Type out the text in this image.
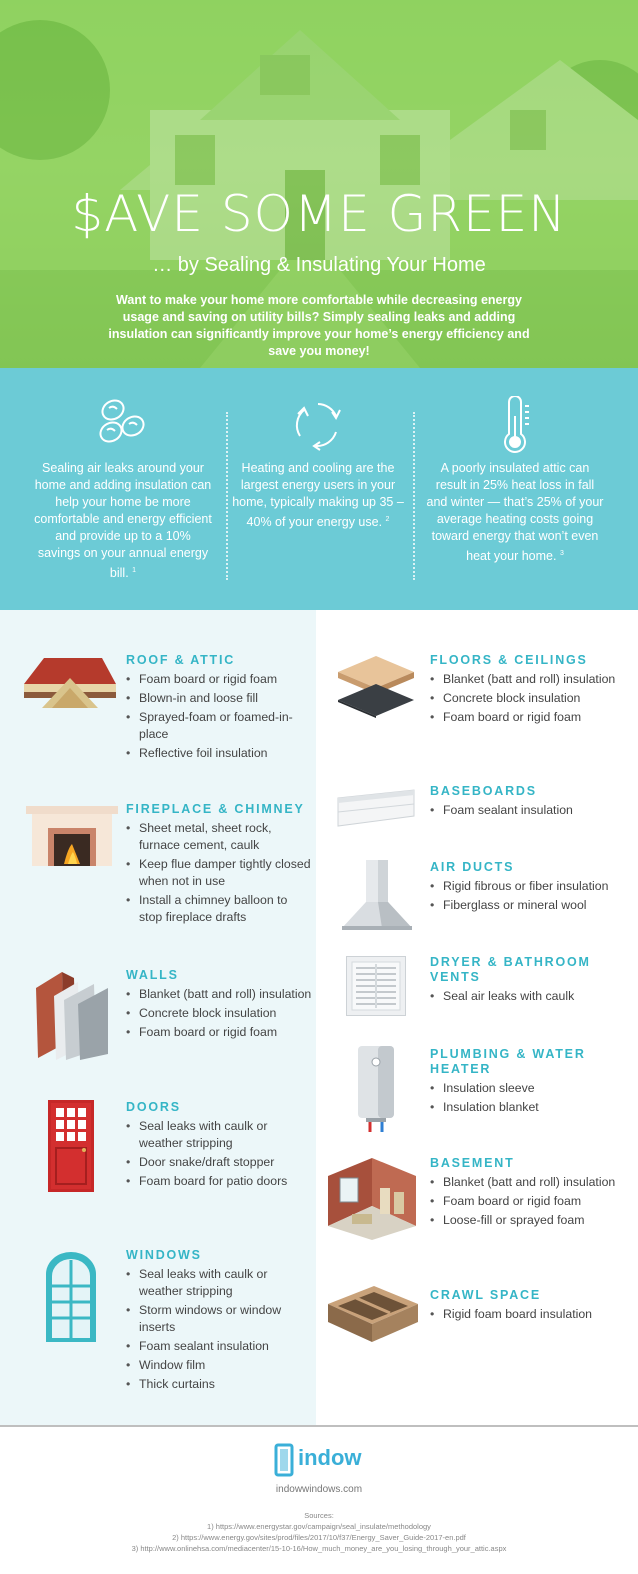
$AVE SOME GREEN
… by Sealing & Insulating Your Home
Want to make your home more comfortable while decreasing energy usage and saving on utility bills? Simply sealing leaks and adding insulation can significantly improve your home’s energy efficiency and save you money!
Sealing air leaks around your home and adding insulation can help your home be more comfortable and energy efficient and provide up to a 10% savings on your annual energy bill. $^1$
Heating and cooling are the largest energy users in your home, typically making up 35 – 40% of your energy use. $^2$
A poorly insulated attic can result in 25% heat loss in fall and winter — that’s 25% of your average heating costs going toward energy that won’t even heat your home. $^3$
ROOF & ATTIC
• Foam board or rigid foam
• Blown-in and loose fill
• Sprayed-foam or foamed-in-place
• Reflective foil insulation
FIREPLACE & CHIMNEY
• Sheet metal, sheet rock, furnace cement, caulk
• Keep flue damper tightly closed when not in use
• Install a chimney balloon to stop fireplace drafts
WALLS
• Blanket (batt and roll) insulation
• Concrete block insulation
• Foam board or rigid foam
DOORS
• Seal leaks with caulk or weather stripping
• Door snake/draft stopper
• Foam board for patio doors
WINDOWS
• Seal leaks with caulk or weather stripping
• Storm windows or window inserts
• Foam sealant insulation
• Window film
• Thick curtains
FLOORS & CEILINGS
• Blanket (batt and roll) insulation
• Concrete block insulation
• Foam board or rigid foam
BASEBOARDS
• Foam sealant insulation
AIR DUCTS
• Rigid fibrous or fiber insulation
• Fiberglass or mineral wool
DRYER & BATHROOM VENTS
• Seal air leaks with caulk
PLUMBING & WATER HEATER
• Insulation sleeve
• Insulation blanket
BASEMENT
• Blanket (batt and roll) insulation
• Foam board or rigid foam
• Loose-fill or sprayed foam
CRAWL SPACE
• Rigid foam board insulation
indow
indowwindows.com
Sources:
1) https://www.energystar.gov/campaign/seal_insulate/methodology
2) https://www.energy.gov/sites/prod/files/2017/10/f37/Energy_Saver_Guide-2017-en.pdf
3) http://www.onlinehsa.com/mediacenter/15-10-16/How_much_money_are_you_losing_through_your_attic.aspx
